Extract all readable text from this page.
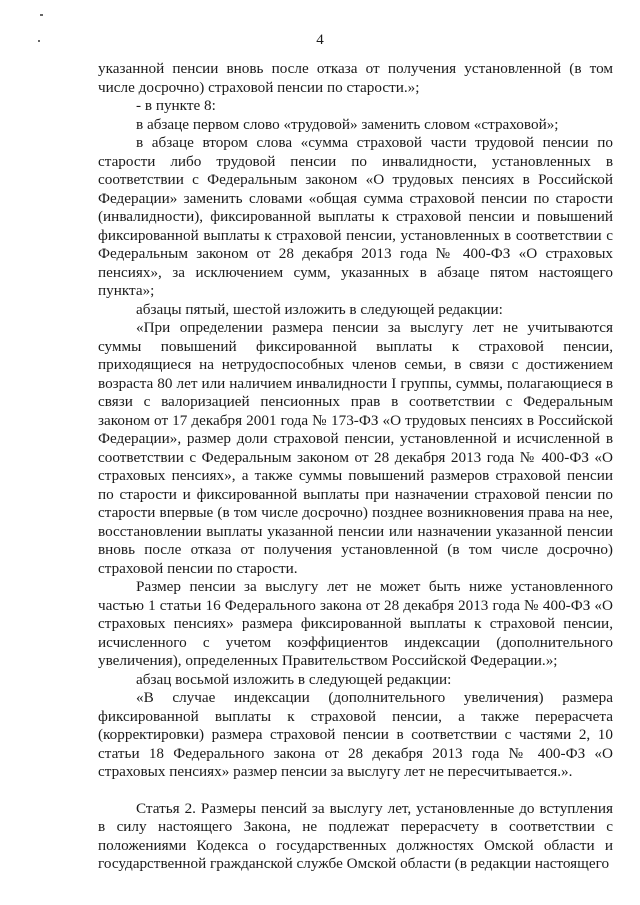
4

указанной пенсии вновь после отказа от получения установленной (в том числе досрочно) страховой пенсии по старости.»;

- в пункте 8:

в абзаце первом слово «трудовой» заменить словом «страховой»;

в абзаце втором слова «сумма страховой части трудовой пенсии по старости либо трудовой пенсии по инвалидности, установленных в соответствии с Федеральным законом «О трудовых пенсиях в Российской Федерации» заменить словами «общая сумма страховой пенсии по старости (инвалидности), фиксированной выплаты к страховой пенсии и повышений фиксированной выплаты к страховой пенсии, установленных в соответствии с Федеральным законом от 28 декабря 2013 года № 400-ФЗ «О страховых пенсиях», за исключением сумм, указанных в абзаце пятом настоящего пункта»;

абзацы пятый, шестой изложить в следующей редакции:

«При определении размера пенсии за выслугу лет не учитываются суммы повышений фиксированной выплаты к страховой пенсии, приходящиеся на нетрудоспособных членов семьи, в связи с достижением возраста 80 лет или наличием инвалидности I группы, суммы, полагающиеся в связи с валоризацией пенсионных прав в соответствии с Федеральным законом от 17 декабря 2001 года № 173-ФЗ «О трудовых пенсиях в Российской Федерации», размер доли страховой пенсии, установленной и исчисленной в соответствии с Федеральным законом от 28 декабря 2013 года № 400-ФЗ «О страховых пенсиях», а также суммы повышений размеров страховой пенсии по старости и фиксированной выплаты при назначении страховой пенсии по старости впервые (в том числе досрочно) позднее возникновения права на нее, восстановлении выплаты указанной пенсии или назначении указанной пенсии вновь после отказа от получения установленной (в том числе досрочно) страховой пенсии по старости.

Размер пенсии за выслугу лет не может быть ниже установленного частью 1 статьи 16 Федерального закона от 28 декабря 2013 года № 400-ФЗ «О страховых пенсиях» размера фиксированной выплаты к страховой пенсии, исчисленного с учетом коэффициентов индексации (дополнительного увеличения), определенных Правительством Российской Федерации.»;

абзац восьмой изложить в следующей редакции:

«В случае индексации (дополнительного увеличения) размера фиксированной выплаты к страховой пенсии, а также перерасчета (корректировки) размера страховой пенсии в соответствии с частями 2, 10 статьи 18 Федерального закона от 28 декабря 2013 года № 400-ФЗ «О страховых пенсиях» размер пенсии за выслугу лет не пересчитывается.».

Статья 2. Размеры пенсий за выслугу лет, установленные до вступления в силу настоящего Закона, не подлежат перерасчету в соответствии с положениями Кодекса о государственных должностях Омской области и государственной гражданской службе Омской области (в редакции настоящего
